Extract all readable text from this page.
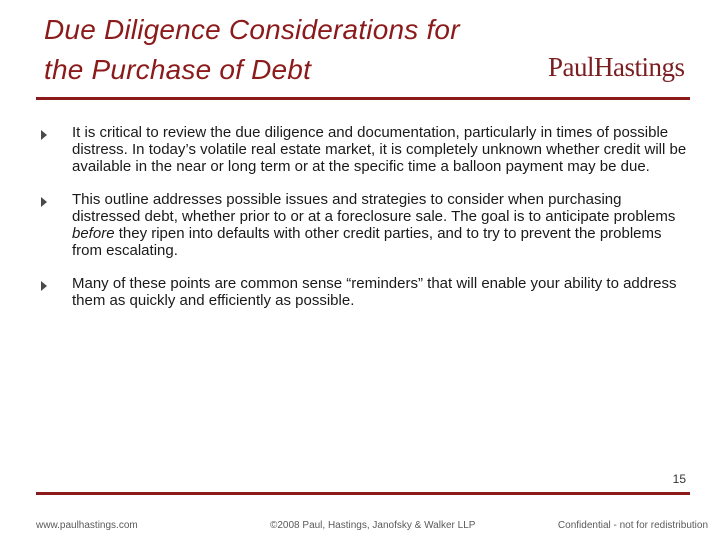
Due Diligence Considerations for
the Purchase of Debt	PaulHastings
It is critical to review the due diligence and documentation, particularly in times of possible distress. In today’s volatile real estate market, it is completely unknown whether credit will be available in the near or long term or at the specific time a balloon payment may be due.
This outline addresses possible issues and strategies to consider when purchasing distressed debt, whether prior to or at a foreclosure sale. The goal is to anticipate problems before they ripen into defaults with other credit parties, and to try to prevent the problems from escalating.
Many of these points are common sense “reminders” that will enable your ability to address them as quickly and efficiently as possible.
15
www.paulhastings.com	©2008 Paul, Hastings, Janofsky & Walker LLP	Confidential - not for redistribution
